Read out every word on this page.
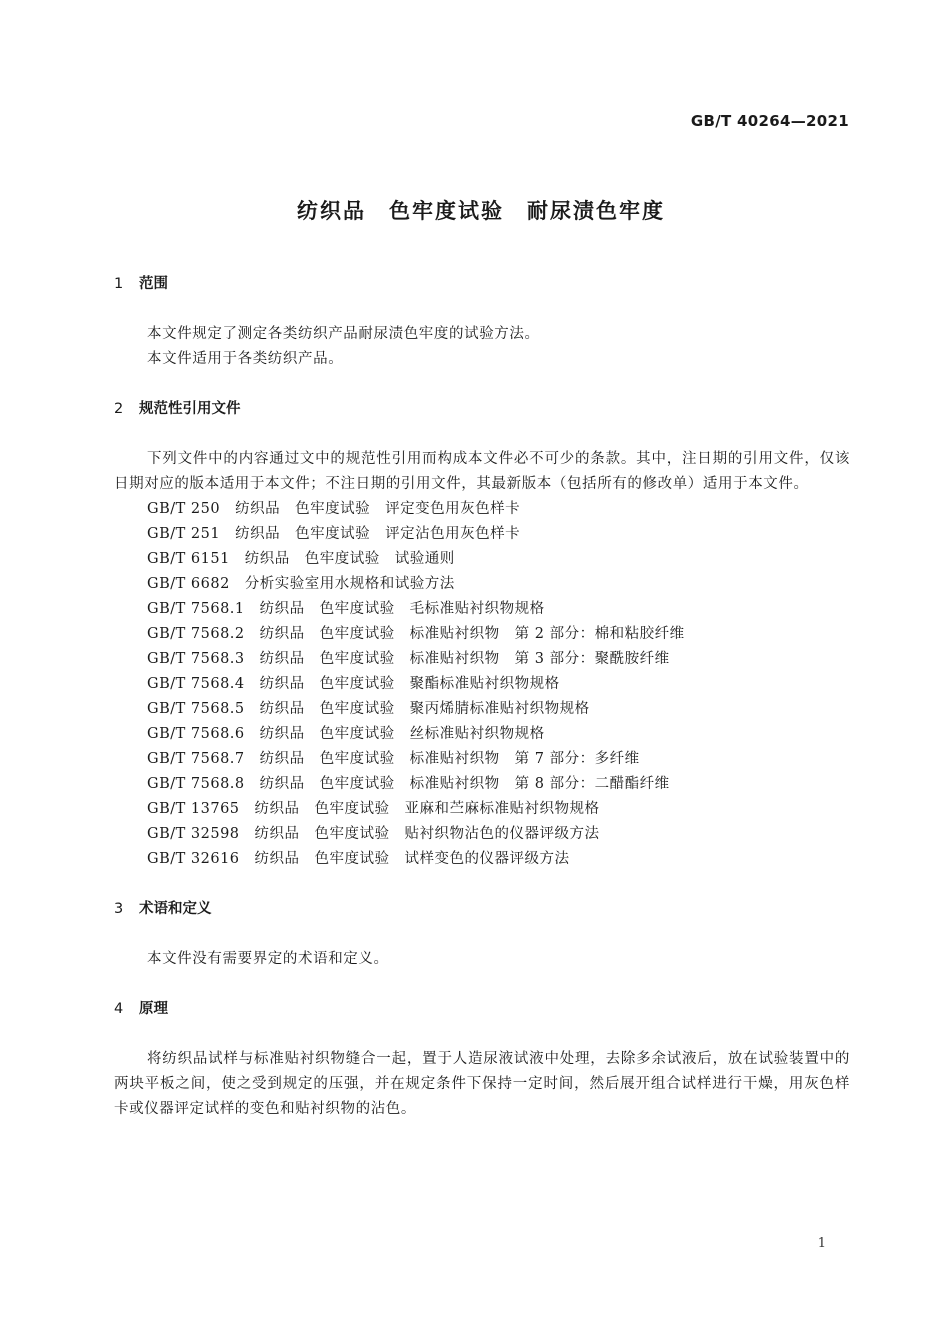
GB/T 40264—2021
纺织品　色牢度试验　耐尿渍色牢度
1 范围

本文件规定了测定各类纺织产品耐尿渍色牢度的试验方法。

本文件适用于各类纺织产品。

2 规范性引用文件

下列文件中的内容通过文中的规范性引用而构成本文件必不可少的条款。其中，注日期的引用文件，仅该日期对应的版本适用于本文件；不注日期的引用文件，其最新版本（包括所有的修改单）适用于本文件。

GB/T 250　纺织品　色牢度试验　评定变色用灰色样卡
GB/T 251　纺织品　色牢度试验　评定沾色用灰色样卡
GB/T 6151　纺织品　色牢度试验　试验通则
GB/T 6682　分析实验室用水规格和试验方法
GB/T 7568.1　纺织品　色牢度试验　毛标准贴衬织物规格
GB/T 7568.2　纺织品　色牢度试验　标准贴衬织物　第 2 部分：棉和粘胶纤维
GB/T 7568.3　纺织品　色牢度试验　标准贴衬织物　第 3 部分：聚酰胺纤维
GB/T 7568.4　纺织品　色牢度试验　聚酯标准贴衬织物规格
GB/T 7568.5　纺织品　色牢度试验　聚丙烯腈标准贴衬织物规格
GB/T 7568.6　纺织品　色牢度试验　丝标准贴衬织物规格
GB/T 7568.7　纺织品　色牢度试验　标准贴衬织物　第 7 部分：多纤维
GB/T 7568.8　纺织品　色牢度试验　标准贴衬织物　第 8 部分：二醋酯纤维
GB/T 13765　纺织品　色牢度试验　亚麻和苎麻标准贴衬织物规格
GB/T 32598　纺织品　色牢度试验　贴衬织物沾色的仪器评级方法
GB/T 32616　纺织品　色牢度试验　试样变色的仪器评级方法
3 术语和定义

本文件没有需要界定的术语和定义。

4 原理

将纺织品试样与标准贴衬织物缝合一起，置于人造尿液试液中处理，去除多余试液后，放在试验装置中的两块平板之间，使之受到规定的压强，并在规定条件下保持一定时间，然后展开组合试样进行干燥，用灰色样卡或仪器评定试样的变色和贴衬织物的沾色。

1
